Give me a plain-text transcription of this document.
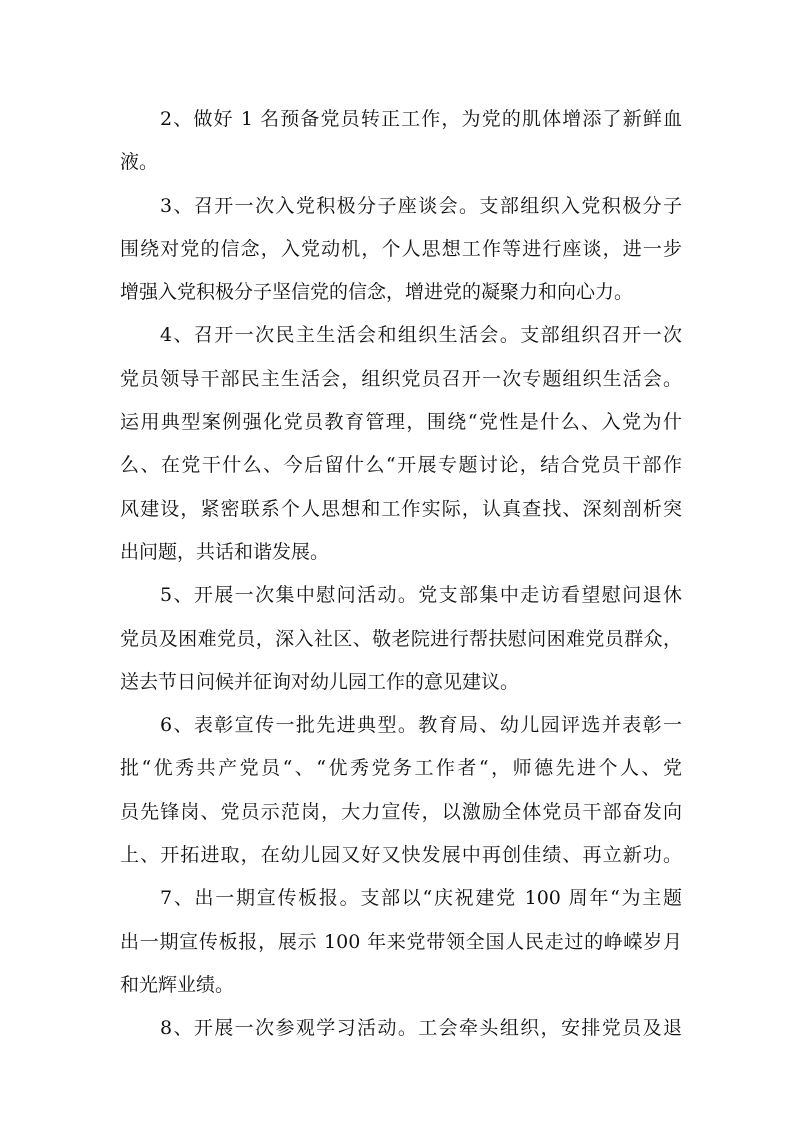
2、做好 1 名预备党员转正工作，为党的肌体增添了新鲜血
液。
3、召开一次入党积极分子座谈会。支部组织入党积极分子
围绕对党的信念，入党动机，个人思想工作等进行座谈，进一步
增强入党积极分子坚信党的信念，增进党的凝聚力和向心力。
4、召开一次民主生活会和组织生活会。支部组织召开一次
党员领导干部民主生活会，组织党员召开一次专题组织生活会。
运用典型案例强化党员教育管理，围绕“党性是什么、入党为什
么、在党干什么、今后留什么“开展专题讨论，结合党员干部作
风建设，紧密联系个人思想和工作实际，认真查找、深刻剖析突
出问题，共话和谐发展。
5、开展一次集中慰问活动。党支部集中走访看望慰问退休
党员及困难党员，深入社区、敬老院进行帮扶慰问困难党员群众，
送去节日问候并征询对幼儿园工作的意见建议。
6、表彰宣传一批先进典型。教育局、幼儿园评选并表彰一
批“优秀共产党员“、“优秀党务工作者“，师德先进个人、党
员先锋岗、党员示范岗，大力宣传，以激励全体党员干部奋发向
上、开拓进取，在幼儿园又好又快发展中再创佳绩、再立新功。
7、出一期宣传板报。支部以“庆祝建党 100 周年“为主题
出一期宣传板报，展示 100 年来党带领全国人民走过的峥嵘岁月
和光辉业绩。
8、开展一次参观学习活动。工会牵头组织，安排党员及退
